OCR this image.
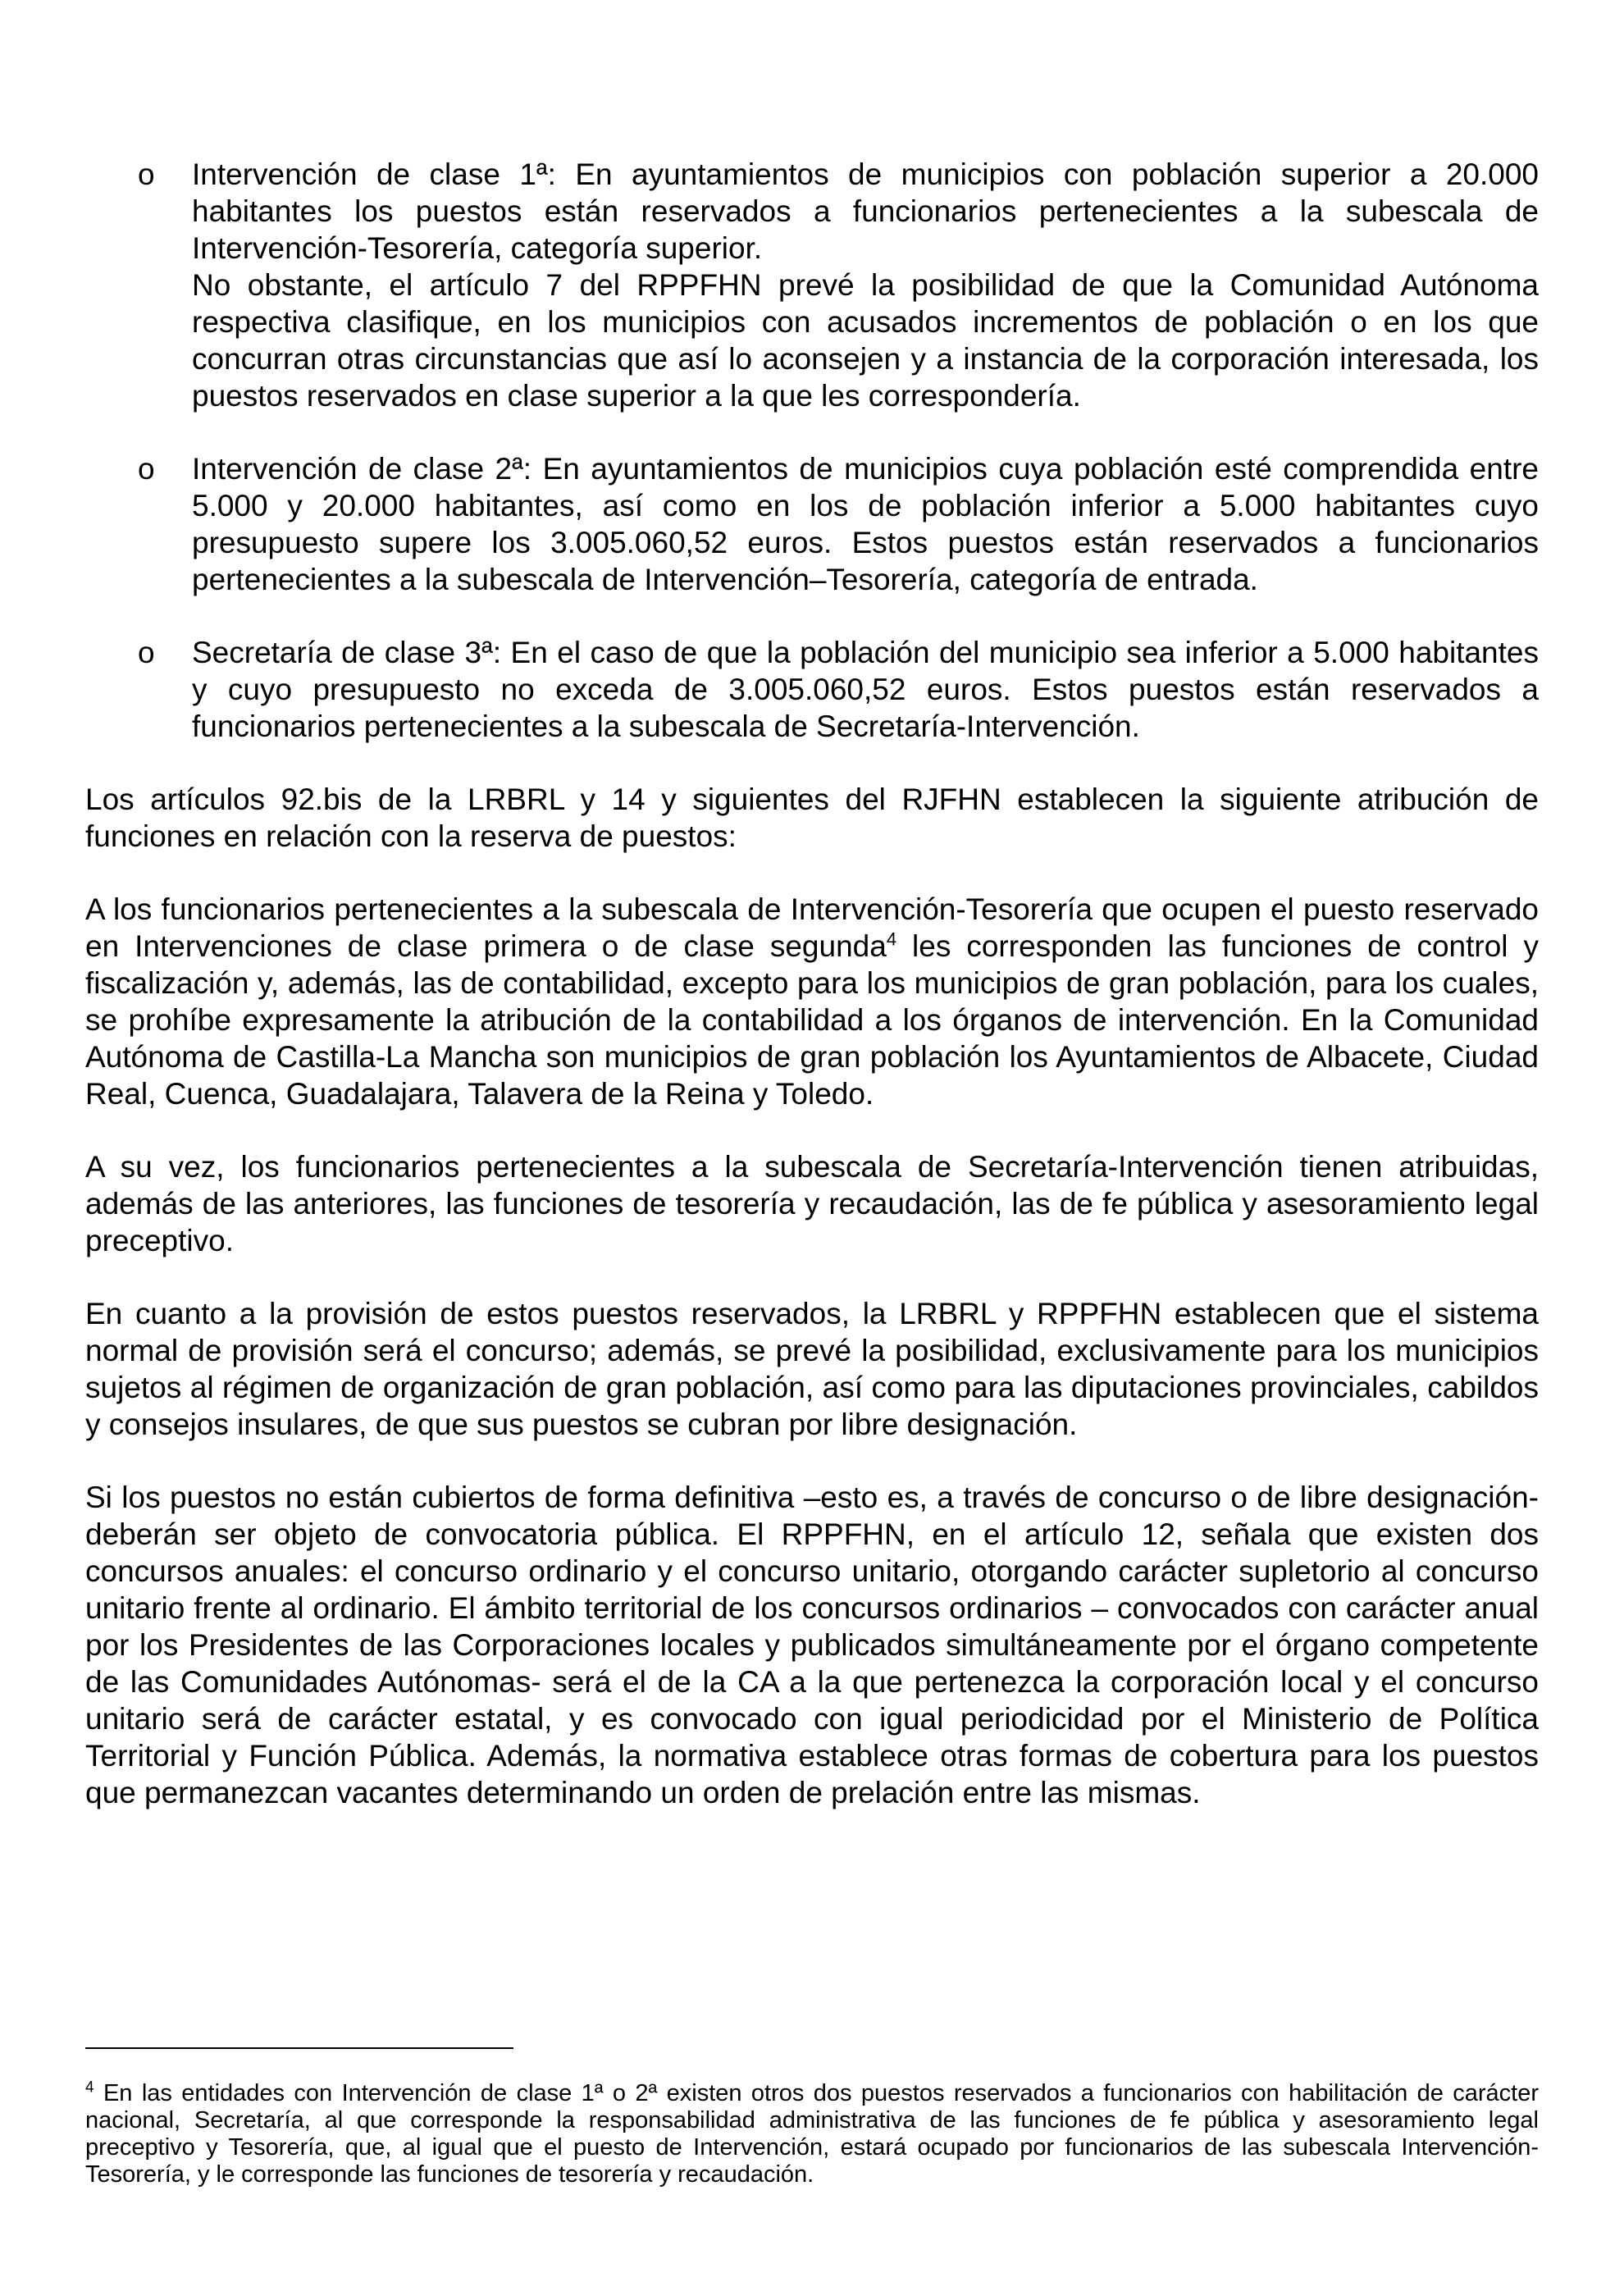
o Intervención de clase 1ª: En ayuntamientos de municipios con población superior a 20.000 habitantes los puestos están reservados a funcionarios pertenecientes a la subescala de Intervención-Tesorería, categoría superior.

No obstante, el artículo 7 del RPPFHN prevé la posibilidad de que la Comunidad Autónoma respectiva clasifique, en los municipios con acusados incrementos de población o en los que concurran otras circunstancias que así lo aconsejen y a instancia de la corporación interesada, los puestos reservados en clase superior a la que les correspondería.

o Intervención de clase 2ª: En ayuntamientos de municipios cuya población esté comprendida entre 5.000 y 20.000 habitantes, así como en los de población inferior a 5.000 habitantes cuyo presupuesto supere los 3.005.060,52 euros. Estos puestos están reservados a funcionarios pertenecientes a la subescala de Intervención–Tesorería, categoría de entrada.

o Secretaría de clase 3ª: En el caso de que la población del municipio sea inferior a 5.000 habitantes y cuyo presupuesto no exceda de 3.005.060,52 euros. Estos puestos están reservados a funcionarios pertenecientes a la subescala de Secretaría-Intervención.

Los artículos 92.bis de la LRBRL y 14 y siguientes del RJFHN establecen la siguiente atribución de funciones en relación con la reserva de puestos:

A los funcionarios pertenecientes a la subescala de Intervención-Tesorería que ocupen el puesto reservado en Intervenciones de clase primera o de clase segunda$^4$ les corresponden las funciones de control y fiscalización y, además, las de contabilidad, excepto para los municipios de gran población, para los cuales, se prohíbe expresamente la atribución de la contabilidad a los órganos de intervención. En la Comunidad Autónoma de Castilla-La Mancha son municipios de gran población los Ayuntamientos de Albacete, Ciudad Real, Cuenca, Guadalajara, Talavera de la Reina y Toledo.

A su vez, los funcionarios pertenecientes a la subescala de Secretaría-Intervención tienen atribuidas, además de las anteriores, las funciones de tesorería y recaudación, las de fe pública y asesoramiento legal preceptivo.

En cuanto a la provisión de estos puestos reservados, la LRBRL y RPPFHN establecen que el sistema normal de provisión será el concurso; además, se prevé la posibilidad, exclusivamente para los municipios sujetos al régimen de organización de gran población, así como para las diputaciones provinciales, cabildos y consejos insulares, de que sus puestos se cubran por libre designación.

Si los puestos no están cubiertos de forma definitiva –esto es, a través de concurso o de libre designación- deberán ser objeto de convocatoria pública. El RPPFHN, en el artículo 12, señala que existen dos concursos anuales: el concurso ordinario y el concurso unitario, otorgando carácter supletorio al concurso unitario frente al ordinario. El ámbito territorial de los concursos ordinarios – convocados con carácter anual por los Presidentes de las Corporaciones locales y publicados simultáneamente por el órgano competente de las Comunidades Autónomas- será el de la CA a la que pertenezca la corporación local y el concurso unitario será de carácter estatal, y es convocado con igual periodicidad por el Ministerio de Política Territorial y Función Pública. Además, la normativa establece otras formas de cobertura para los puestos que permanezcan vacantes determinando un orden de prelación entre las mismas.

$^4$ En las entidades con Intervención de clase 1ª o 2ª existen otros dos puestos reservados a funcionarios con habilitación de carácter nacional, Secretaría, al que corresponde la responsabilidad administrativa de las funciones de fe pública y asesoramiento legal preceptivo y Tesorería, que, al igual que el puesto de Intervención, estará ocupado por funcionarios de las subescala Intervención-Tesorería, y le corresponde las funciones de tesorería y recaudación.
